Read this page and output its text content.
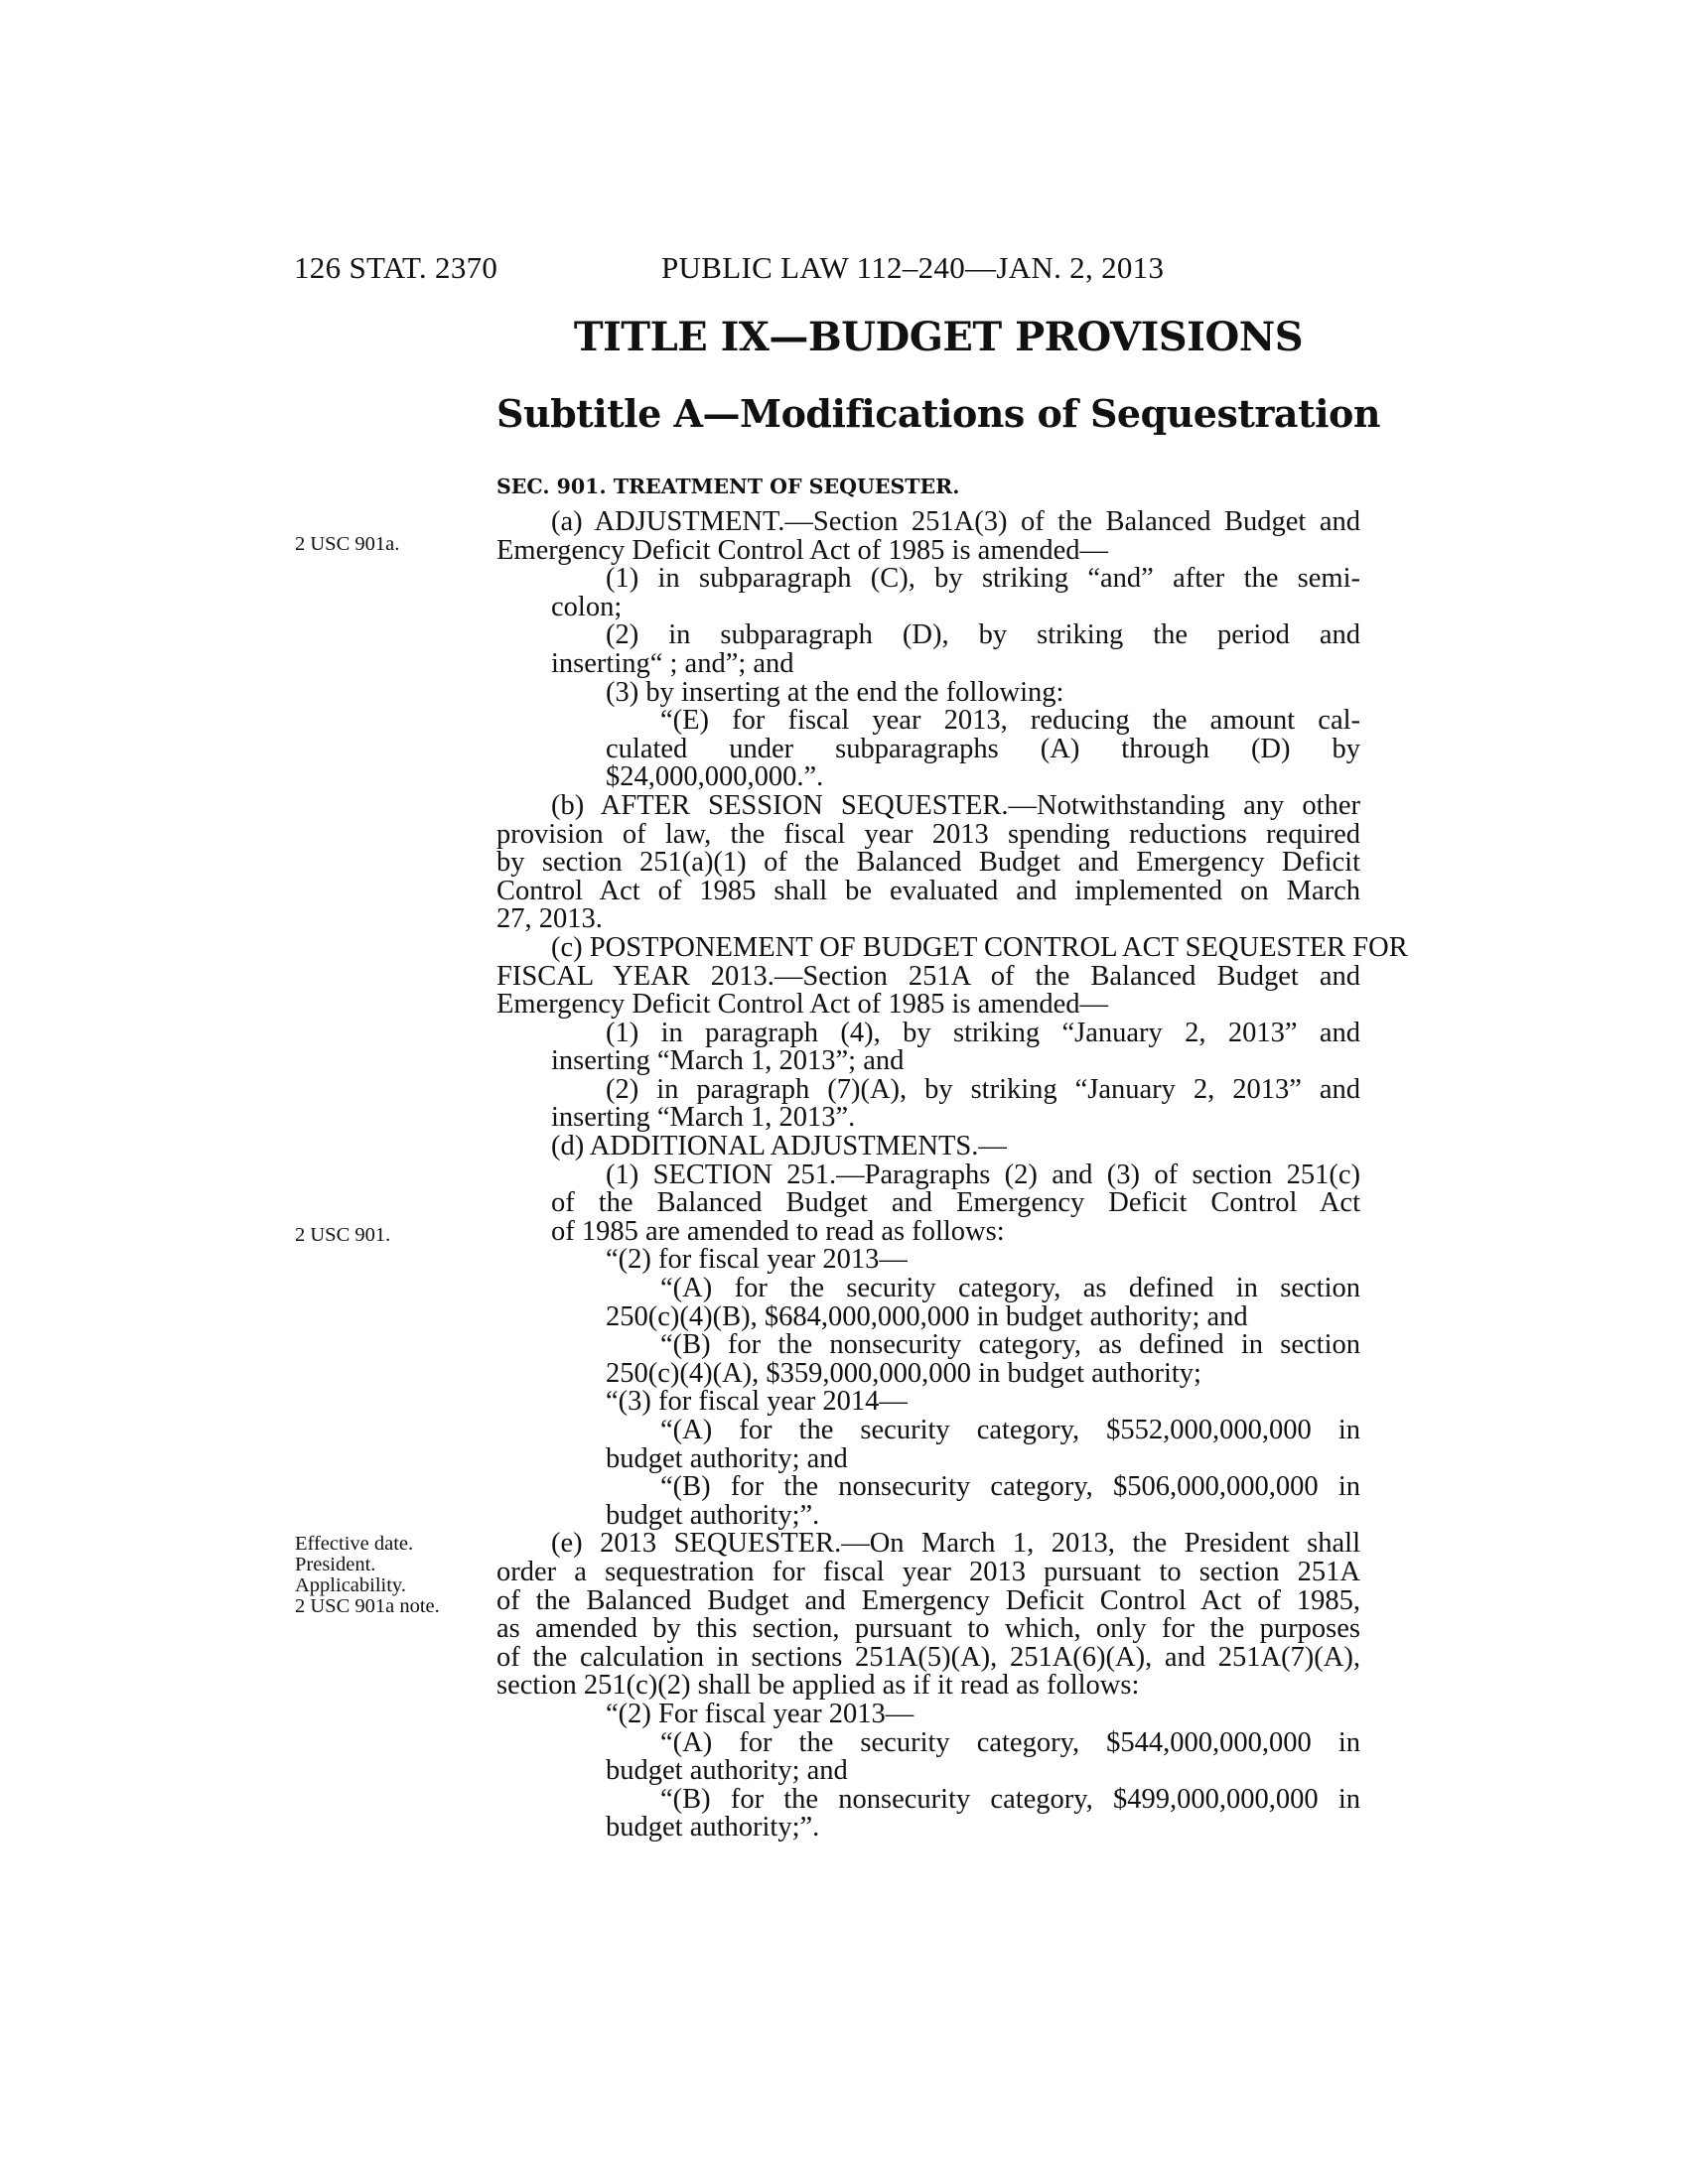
126 STAT. 2370	PUBLIC LAW 112–240—JAN. 2, 2013
TITLE IX—BUDGET PROVISIONS
Subtitle A—Modifications of Sequestration
SEC. 901. TREATMENT OF SEQUESTER.
2 USC 901a.
2 USC 901.
Effective date.
President.
Applicability.
2 USC 901a note.
(a) ADJUSTMENT.—Section 251A(3) of the Balanced Budget and
Emergency Deficit Control Act of 1985 is amended—
(1) in subparagraph (C), by striking “and” after the semi-
colon;
(2) in subparagraph (D), by striking the period and
inserting“ ; and”; and
(3) by inserting at the end the following:
“(E) for fiscal year 2013, reducing the amount cal-
culated under subparagraphs (A) through (D) by
$24,000,000,000.”.
(b) AFTER SESSION SEQUESTER.—Notwithstanding any other
provision of law, the fiscal year 2013 spending reductions required
by section 251(a)(1) of the Balanced Budget and Emergency Deficit
Control Act of 1985 shall be evaluated and implemented on March
27, 2013.
(c) POSTPONEMENT OF BUDGET CONTROL ACT SEQUESTER FOR
FISCAL YEAR 2013.—Section 251A of the Balanced Budget and
Emergency Deficit Control Act of 1985 is amended—
(1) in paragraph (4), by striking “January 2, 2013” and
inserting “March 1, 2013”; and
(2) in paragraph (7)(A), by striking “January 2, 2013” and
inserting “March 1, 2013”.
(d) ADDITIONAL ADJUSTMENTS.—
(1) SECTION 251.—Paragraphs (2) and (3) of section 251(c)
of the Balanced Budget and Emergency Deficit Control Act
of 1985 are amended to read as follows:
“(2) for fiscal year 2013—
“(A) for the security category, as defined in section
250(c)(4)(B), $684,000,000,000 in budget authority; and
“(B) for the nonsecurity category, as defined in section
250(c)(4)(A), $359,000,000,000 in budget authority;
“(3) for fiscal year 2014—
“(A) for the security category, $552,000,000,000 in
budget authority; and
“(B) for the nonsecurity category, $506,000,000,000 in
budget authority;”.
(e) 2013 SEQUESTER.—On March 1, 2013, the President shall
order a sequestration for fiscal year 2013 pursuant to section 251A
of the Balanced Budget and Emergency Deficit Control Act of 1985,
as amended by this section, pursuant to which, only for the purposes
of the calculation in sections 251A(5)(A), 251A(6)(A), and 251A(7)(A),
section 251(c)(2) shall be applied as if it read as follows:
“(2) For fiscal year 2013—
“(A) for the security category, $544,000,000,000 in
budget authority; and
“(B) for the nonsecurity category, $499,000,000,000 in
budget authority;”.
